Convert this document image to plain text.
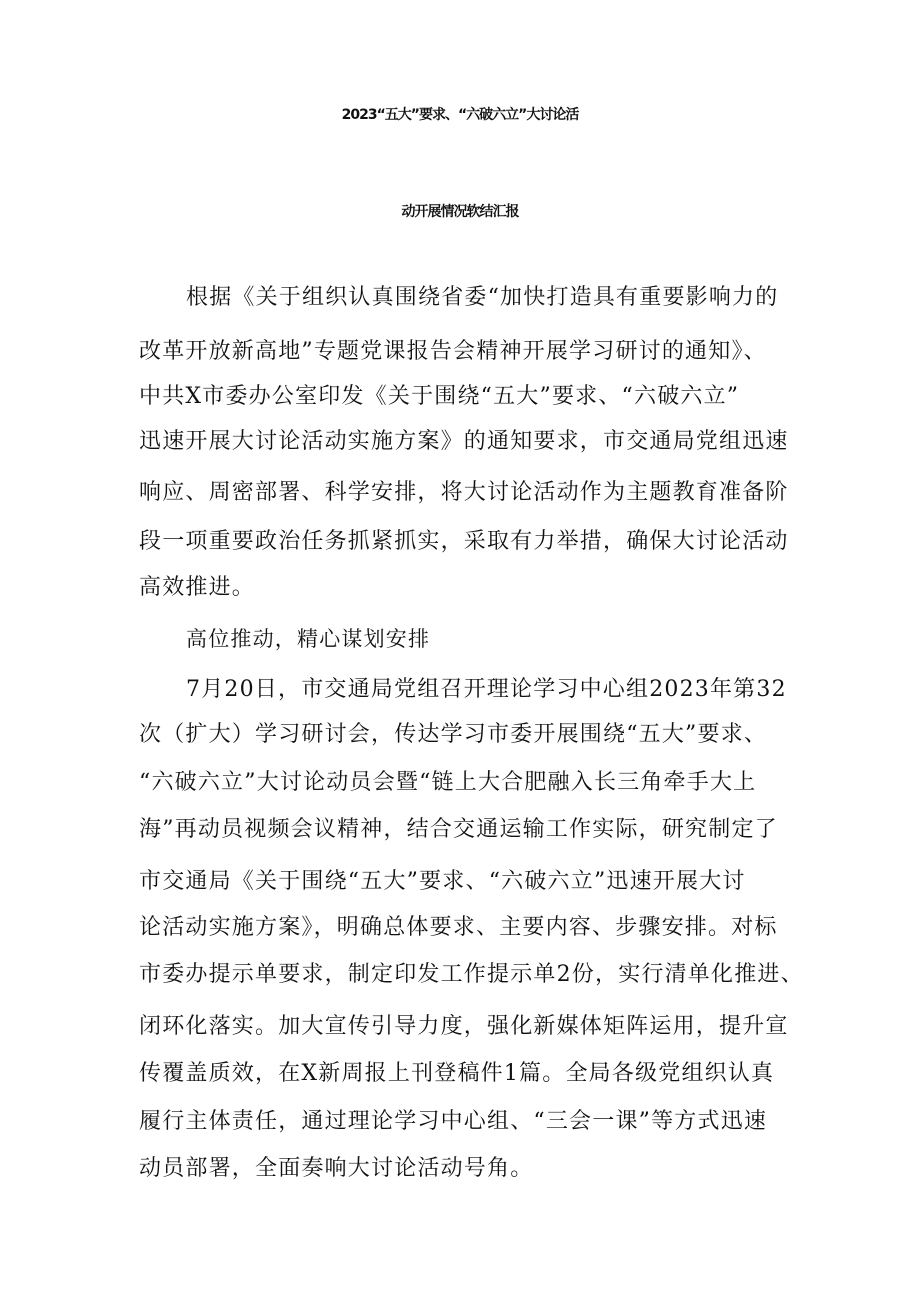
2023“五大”要求、“六破六立”大讨论活
动开展情况软结汇报
根据《关于组织认真围绕省委“加快打造具有重要影响力的
改革开放新高地”专题党课报告会精神开展学习研讨的通知》、
中共X市委办公室印发《关于围绕“五大”要求、“六破六立”
迅速开展大讨论活动实施方案》的通知要求，市交通局党组迅速
响应、周密部署、科学安排，将大讨论活动作为主题教育准备阶
段一项重要政治任务抓紧抓实，采取有力举措，确保大讨论活动
高效推进。
高位推动，精心谋划安排
7月20日，市交通局党组召开理论学习中心组2023年第32
次（扩大）学习研讨会，传达学习市委开展围绕“五大”要求、
“六破六立”大讨论动员会暨“链上大合肥融入长三角牵手大上
海”再动员视频会议精神，结合交通运输工作实际，研究制定了
市交通局《关于围绕“五大”要求、“六破六立”迅速开展大讨
论活动实施方案》，明确总体要求、主要内容、步骤安排。对标
市委办提示单要求，制定印发工作提示单2份，实行清单化推进、
闭环化落实。加大宣传引导力度，强化新媒体矩阵运用，提升宣
传覆盖质效，在X新周报上刊登稿件1篇。全局各级党组织认真
履行主体责任，通过理论学习中心组、“三会一课”等方式迅速
动员部署，全面奏响大讨论活动号角。
